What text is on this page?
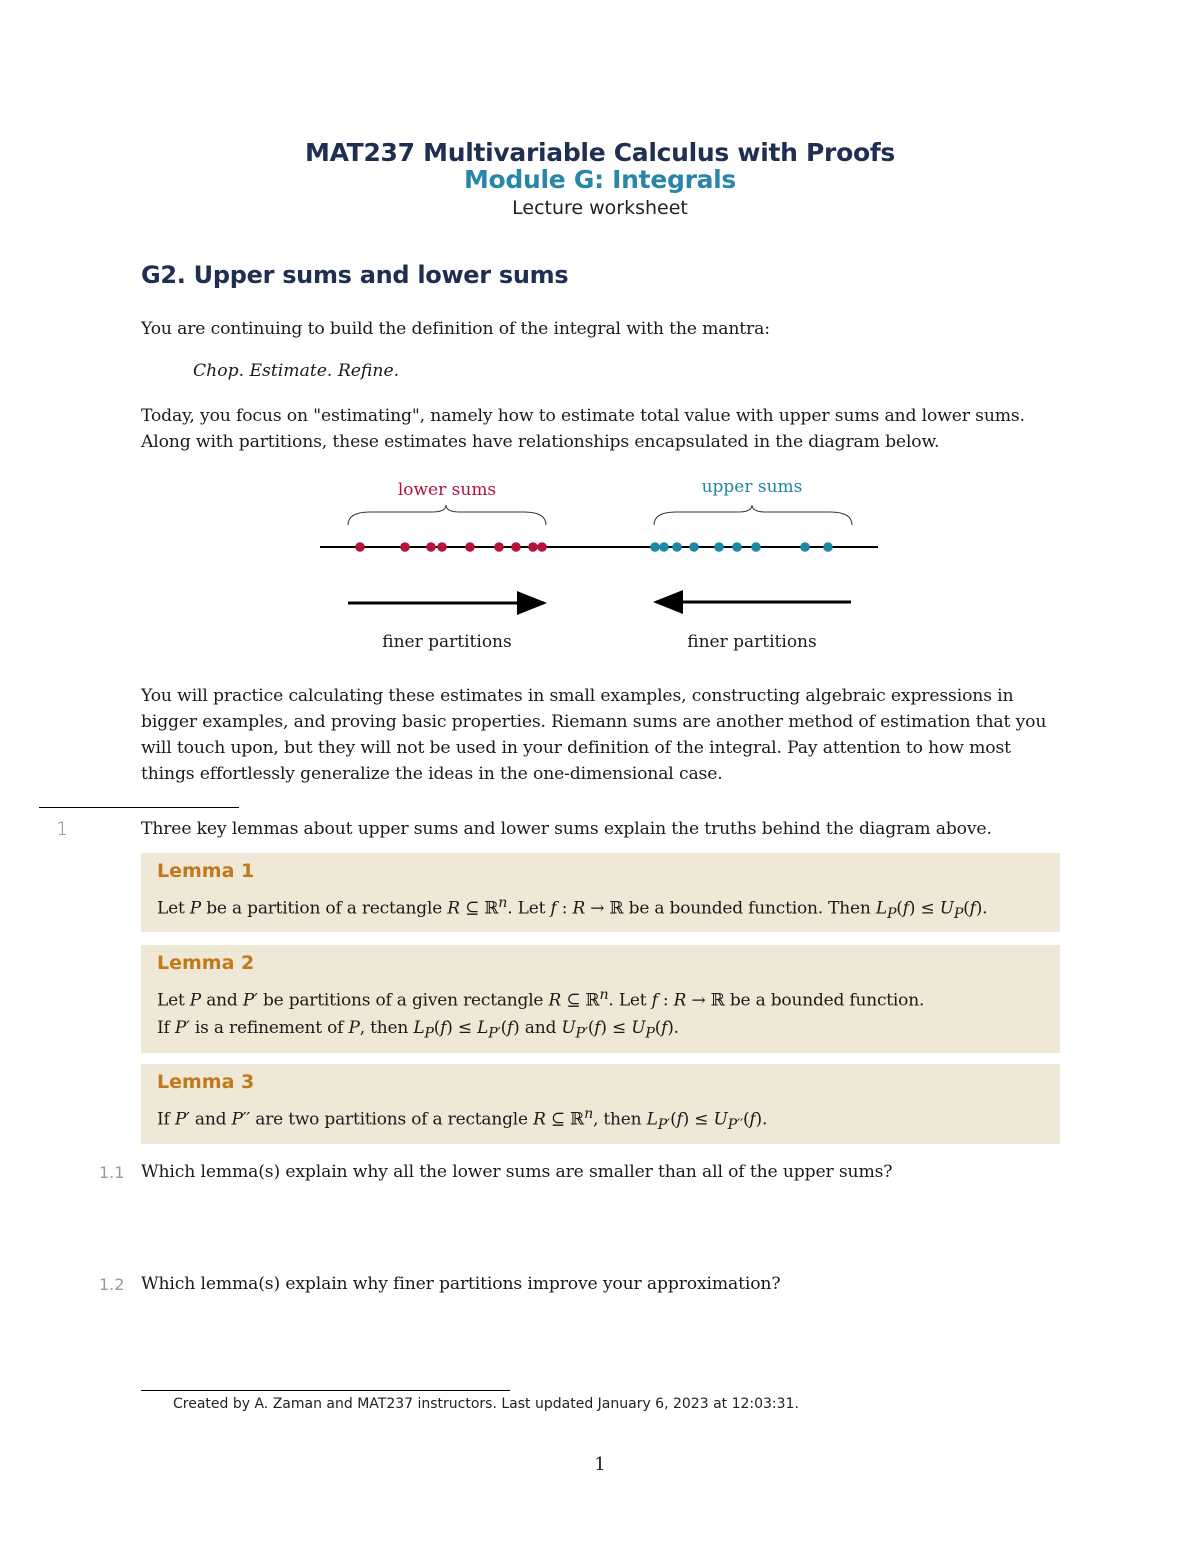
MAT237 Multivariable Calculus with Proofs
Module G: Integrals
Lecture worksheet
G2. Upper sums and lower sums
You are continuing to build the definition of the integral with the mantra:
Chop. Estimate. Refine.
Today, you focus on "estimating", namely how to estimate total value with upper sums and lower sums. Along with partitions, these estimates have relationships encapsulated in the diagram below.
lower sums	upper sums
finer partitions	finer partitions
You will practice calculating these estimates in small examples, constructing algebraic expressions in bigger examples, and proving basic properties. Riemann sums are another method of estimation that you will touch upon, but they will not be used in your definition of the integral. Pay attention to how most things effortlessly generalize the ideas in the one-dimensional case.
1	Three key lemmas about upper sums and lower sums explain the truths behind the diagram above.
Lemma 1
Let P be a partition of a rectangle R ⊆ ℝ$^n$. Let f : R → ℝ be a bounded function. Then $L_P(f) \le U_P(f)$.
Lemma 2
Let P and P′ be partitions of a given rectangle R ⊆ ℝ$^n$. Let f : R → ℝ be a bounded function.
If P′ is a refinement of P, then $L_P(f) \le L_{P'}(f)$ and $U_{P'}(f) \le U_P(f)$.
Lemma 3
If P′ and P′′ are two partitions of a rectangle R ⊆ ℝ$^n$, then $L_{P'}(f) \le U_{P''}(f)$.
1.1 Which lemma(s) explain why all the lower sums are smaller than all of the upper sums?
1.2 Which lemma(s) explain why finer partitions improve your approximation?
Created by A. Zaman and MAT237 instructors. Last updated January 6, 2023 at 12:03:31.
1
